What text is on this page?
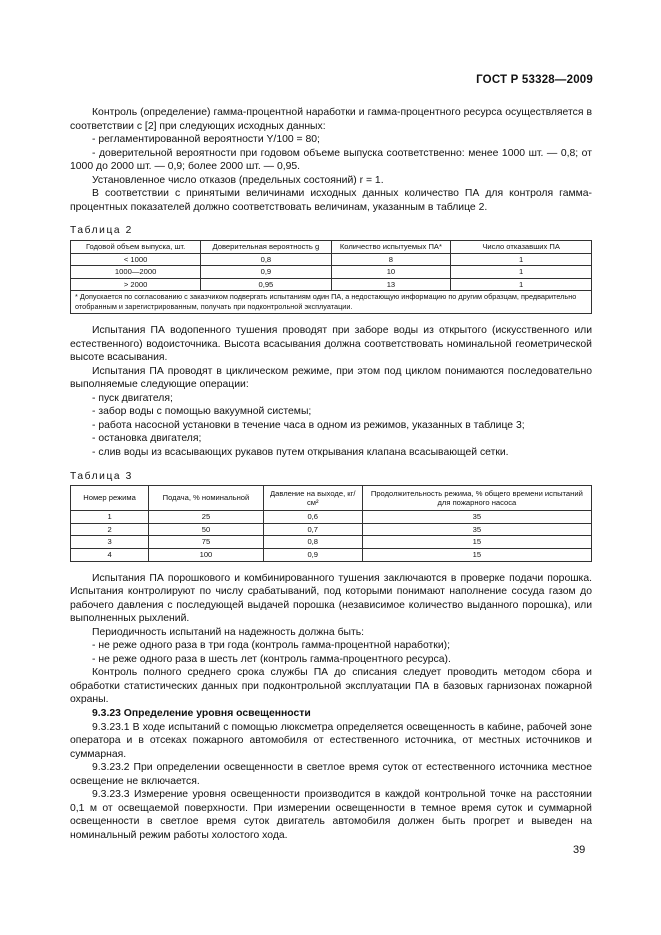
ГОСТ Р 53328—2009

Контроль (определение) гамма-процентной наработки и гамма-процентного ресурса осуществляется в соответствии с [2] при следующих исходных данных:

- регламентированной вероятности Y/100 = 80;

- доверительной вероятности при годовом объеме выпуска соответственно: менее 1000 шт. — 0,8; от 1000 до 2000 шт. — 0,9; более 2000 шт. — 0,95.

Установленное число отказов (предельных состояний) r = 1.

В соответствии с принятыми величинами исходных данных количество ПА для контроля гамма-процентных показателей должно соответствовать величинам, указанным в таблице 2.

Таблица 2

Годовой объем выпуска, шт.	Доверительная вероятность g	Количество испытуемых ПА*	Число отказавших ПА
< 1000	0,8	8	1
1000—2000	0,9	10	1
> 2000	0,95	13	1
* Допускается по согласованию с заказчиком подвергать испытаниям один ПА, а недостающую информацию по другим образцам, предварительно отобранным и зарегистрированным, получать при подконтрольной эксплуатации.			

Испытания ПА водопенного тушения проводят при заборе воды из открытого (искусственного или естественного) водоисточника. Высота всасывания должна соответствовать номинальной геометрической высоте всасывания.

Испытания ПА проводят в циклическом режиме, при этом под циклом понимаются последовательно выполняемые следующие операции:

- пуск двигателя;

- забор воды с помощью вакуумной системы;

- работа насосной установки в течение часа в одном из режимов, указанных в таблице 3;

- остановка двигателя;

- слив воды из всасывающих рукавов путем открывания клапана всасывающей сетки.

Таблица 3

Номер режима	Подача, % номинальной	Давление на выходе, кг/см²	Продолжительность режима, % общего времени испытаний для пожарного насоса
1	25	0,6	35
2	50	0,7	35
3	75	0,8	15
4	100	0,9	15

Испытания ПА порошкового и комбинированного тушения заключаются в проверке подачи порошка. Испытания контролируют по числу срабатываний, под которыми понимают наполнение сосуда газом до рабочего давления с последующей выдачей порошка (независимое количество выданного порошка), или выполненных рыхлений.

Периодичность испытаний на надежность должна быть:

- не реже одного раза в три года (контроль гамма-процентной наработки);

- не реже одного раза в шесть лет (контроль гамма-процентного ресурса).

Контроль полного среднего срока службы ПА до списания следует проводить методом сбора и обработки статистических данных при подконтрольной эксплуатации ПА в базовых гарнизонах пожарной охраны.

9.3.23 Определение уровня освещенности

9.3.23.1 В ходе испытаний с помощью люксметра определяется освещенность в кабине, рабочей зоне оператора и в отсеках пожарного автомобиля от естественного источника, от местных источников и суммарная.

9.3.23.2 При определении освещенности в светлое время суток от естественного источника местное освещение не включается.

9.3.23.3 Измерение уровня освещенности производится в каждой контрольной точке на расстоянии 0,1 м от освещаемой поверхности. При измерении освещенности в темное время суток и суммарной освещенности в светлое время суток двигатель автомобиля должен быть прогрет и выведен на номинальный режим работы холостого хода.

39
